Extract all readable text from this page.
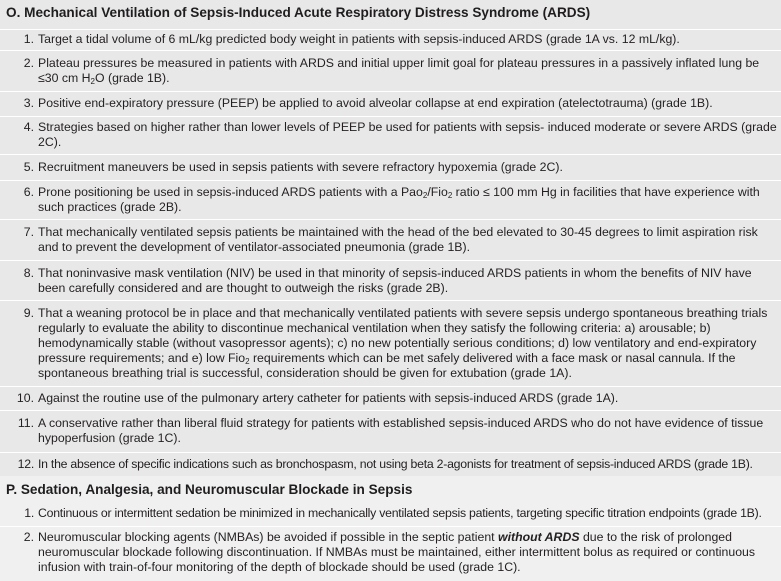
O. Mechanical Ventilation of Sepsis-Induced Acute Respiratory Distress Syndrome (ARDS)
1. Target a tidal volume of 6 mL/kg predicted body weight in patients with sepsis-induced ARDS (grade 1A vs. 12 mL/kg).
2. Plateau pressures be measured in patients with ARDS and initial upper limit goal for plateau pressures in a passively inflated lung be ≤30 cm $H_2O$ (grade 1B).
3. Positive end-expiratory pressure (PEEP) be applied to avoid alveolar collapse at end expiration (atelectotrauma) (grade 1B).
4. Strategies based on higher rather than lower levels of PEEP be used for patients with sepsis- induced moderate or severe ARDS (grade 2C).
5. Recruitment maneuvers be used in sepsis patients with severe refractory hypoxemia (grade 2C).
6. Prone positioning be used in sepsis-induced ARDS patients with a Pao$_2$/Fio$_2$ ratio ≤ 100 mm Hg in facilities that have experience with such practices (grade 2B).
7. That mechanically ventilated sepsis patients be maintained with the head of the bed elevated to 30-45 degrees to limit aspiration risk and to prevent the development of ventilator-associated pneumonia (grade 1B).
8. That noninvasive mask ventilation (NIV) be used in that minority of sepsis-induced ARDS patients in whom the benefits of NIV have been carefully considered and are thought to outweigh the risks (grade 2B).
9. That a weaning protocol be in place and that mechanically ventilated patients with severe sepsis undergo spontaneous breathing trials regularly to evaluate the ability to discontinue mechanical ventilation when they satisfy the following criteria: a) arousable; b) hemodynamically stable (without vasopressor agents); c) no new potentially serious conditions; d) low ventilatory and end-expiratory pressure requirements; and e) low Fio$_2$ requirements which can be met safely delivered with a face mask or nasal cannula. If the spontaneous breathing trial is successful, consideration should be given for extubation (grade 1A).
10. Against the routine use of the pulmonary artery catheter for patients with sepsis-induced ARDS (grade 1A).
11. A conservative rather than liberal fluid strategy for patients with established sepsis-induced ARDS who do not have evidence of tissue hypoperfusion (grade 1C).
12. In the absence of specific indications such as bronchospasm, not using beta 2-agonists for treatment of sepsis-induced ARDS (grade 1B).
P. Sedation, Analgesia, and Neuromuscular Blockade in Sepsis
1. Continuous or intermittent sedation be minimized in mechanically ventilated sepsis patients, targeting specific titration endpoints (grade 1B).
2. Neuromuscular blocking agents (NMBAs) be avoided if possible in the septic patient without ARDS due to the risk of prolonged neuromuscular blockade following discontinuation. If NMBAs must be maintained, either intermittent bolus as required or continuous infusion with train-of-four monitoring of the depth of blockade should be used (grade 1C).
